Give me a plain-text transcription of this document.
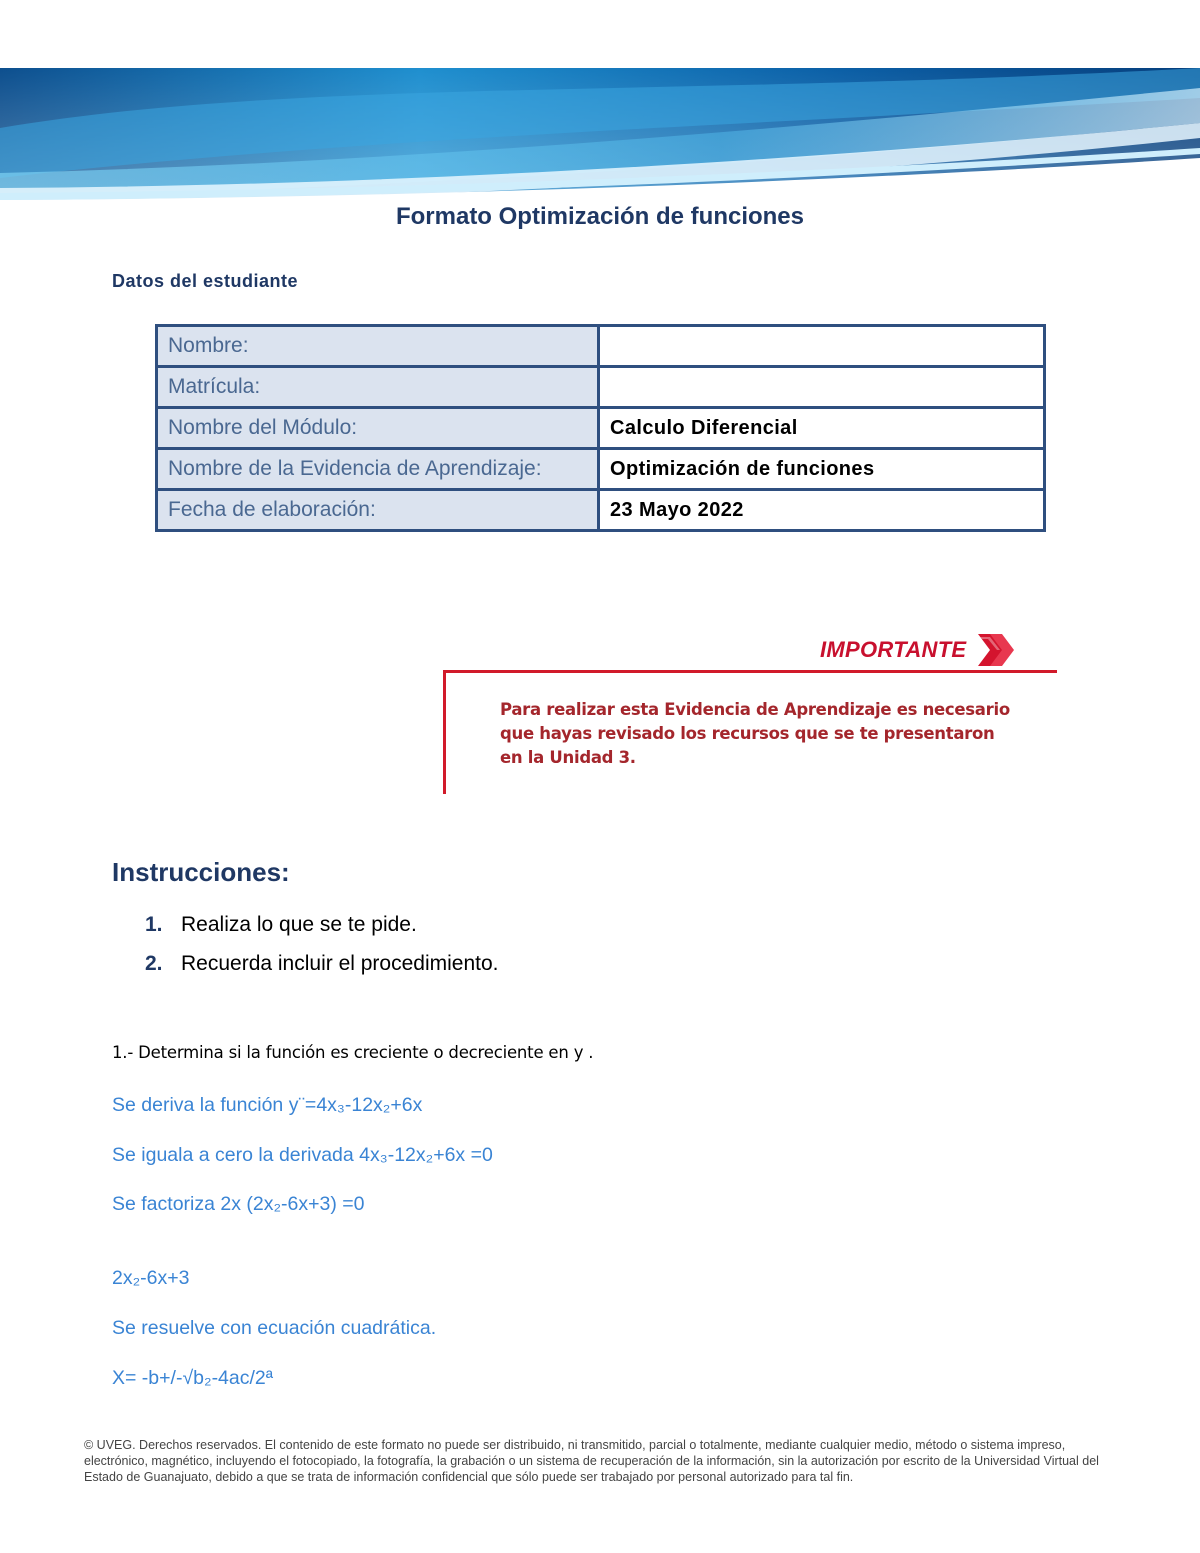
Formato Optimización de funciones
Datos del estudiante
Nombre:	
Matrícula:	
Nombre del Módulo:	Calculo Diferencial
Nombre de la Evidencia de Aprendizaje:	Optimización de funciones
Fecha de elaboración:	23 Mayo 2022
IMPORTANTE
Para realizar esta Evidencia de Aprendizaje es necesario que hayas revisado los recursos que se te presentaron en la Unidad 3.
Instrucciones:
1. Realiza lo que se te pide.
2. Recuerda incluir el procedimiento.
1.- Determina si la función es creciente o decreciente en y .
Se deriva la función y¨=4x₃-12x₂+6x
Se iguala a cero la derivada 4x₃-12x₂+6x =0
Se factoriza 2x (2x₂-6x+3) =0
2x₂-6x+3
Se resuelve con ecuación cuadrática.
X= -b+/-√b₂-4ac/2ª
© UVEG. Derechos reservados. El contenido de este formato no puede ser distribuido, ni transmitido, parcial o totalmente, mediante cualquier medio, método o sistema impreso, electrónico, magnético, incluyendo el fotocopiado, la fotografía, la grabación o un sistema de recuperación de la información, sin la autorización por escrito de la Universidad Virtual del Estado de Guanajuato, debido a que se trata de información confidencial que sólo puede ser trabajado por personal autorizado para tal fin.
